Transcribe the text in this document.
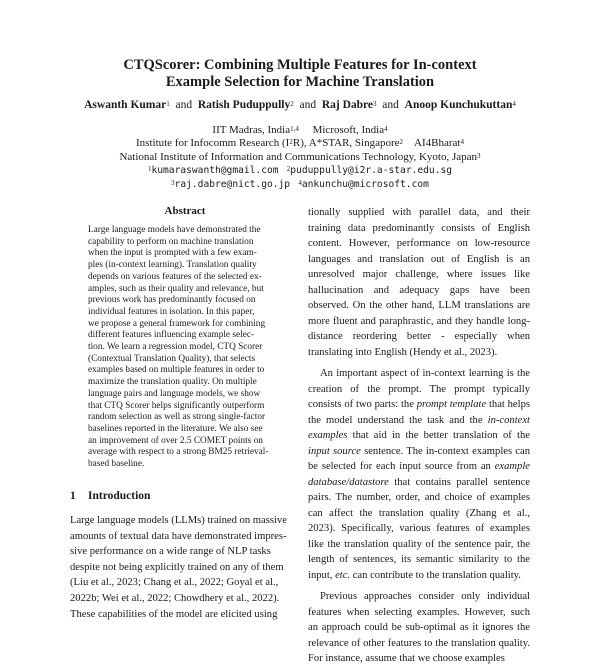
CTQScorer: Combining Multiple Features for In-context
Example Selection for Machine Translation
Aswanth Kumar$^1$ and Ratish Puduppully$^2$ and Raj Dabre$^3$ and Anoop Kunchukuttan$^4$
IIT Madras, India$^{1,4}$ Microsoft, India$^4$
Institute for Infocomm Research $(I^2R)$, A*STAR, Singapore$^2$ AI4Bharat$^4$
National Institute of Information and Communications Technology, Kyoto, Japan$^3$
$^1$kumaraswanth@gmail.com $^2$puduppully@i2r.a-star.edu.sg
$^3$raj.dabre@nict.go.jp $^4$ankunchu@microsoft.com
Abstract
Large language models have demonstrated the
capability to perform on machine translation
when the input is prompted with a few exam-
ples (in-context learning). Translation quality
depends on various features of the selected ex-
amples, such as their quality and relevance, but
previous work has predominantly focused on
individual features in isolation. In this paper,
we propose a general framework for combining
different features influencing example selec-
tion. We learn a regression model, CTQ Scorer
(Contextual Translation Quality), that selects
examples based on multiple features in order to
maximize the translation quality. On multiple
language pairs and language models, we show
that CTQ Scorer helps significantly outperform
random selection as well as strong single-factor
baselines reported in the literature. We also see
an improvement of over 2.5 COMET points on
average with respect to a strong BM25 retrieval-
based baseline.
1 Introduction
Large language models (LLMs) trained on massive
amounts of textual data have demonstrated impres-
sive performance on a wide range of NLP tasks
despite not being explicitly trained on any of them
(Liu et al., 2023; Chang et al., 2022; Goyal et al.,
2022b; Wei et al., 2022; Chowdhery et al., 2022).
These capabilities of the model are elicited using

tionally supplied with parallel data, and their training data predominantly consists of English content. However, performance on low-resource languages and translation out of English is an unresolved major challenge, where issues like hallucination and adequacy gaps have been observed. On the other hand, LLM translations are more fluent and paraphrastic, and they handle long-distance reordering better - especially when translating into English (Hendy et al., 2023).

An important aspect of in-context learning is the creation of the prompt. The prompt typically consists of two parts: the prompt template that helps the model understand the task and the in-context examples that aid in the better translation of the input source sentence. The in-context examples can be selected for each input source from an example database/datastore that contains parallel sentence pairs. The number, order, and choice of examples can affect the translation quality (Zhang et al., 2023). Specifically, various features of examples like the translation quality of the sentence pair, the length of sentences, its semantic similarity to the input, etc. can contribute to the translation quality.

Previous approaches consider only individual features when selecting examples. However, such an approach could be sub-optimal as it ignores the relevance of other features to the translation quality. For instance, assume that we choose examples
